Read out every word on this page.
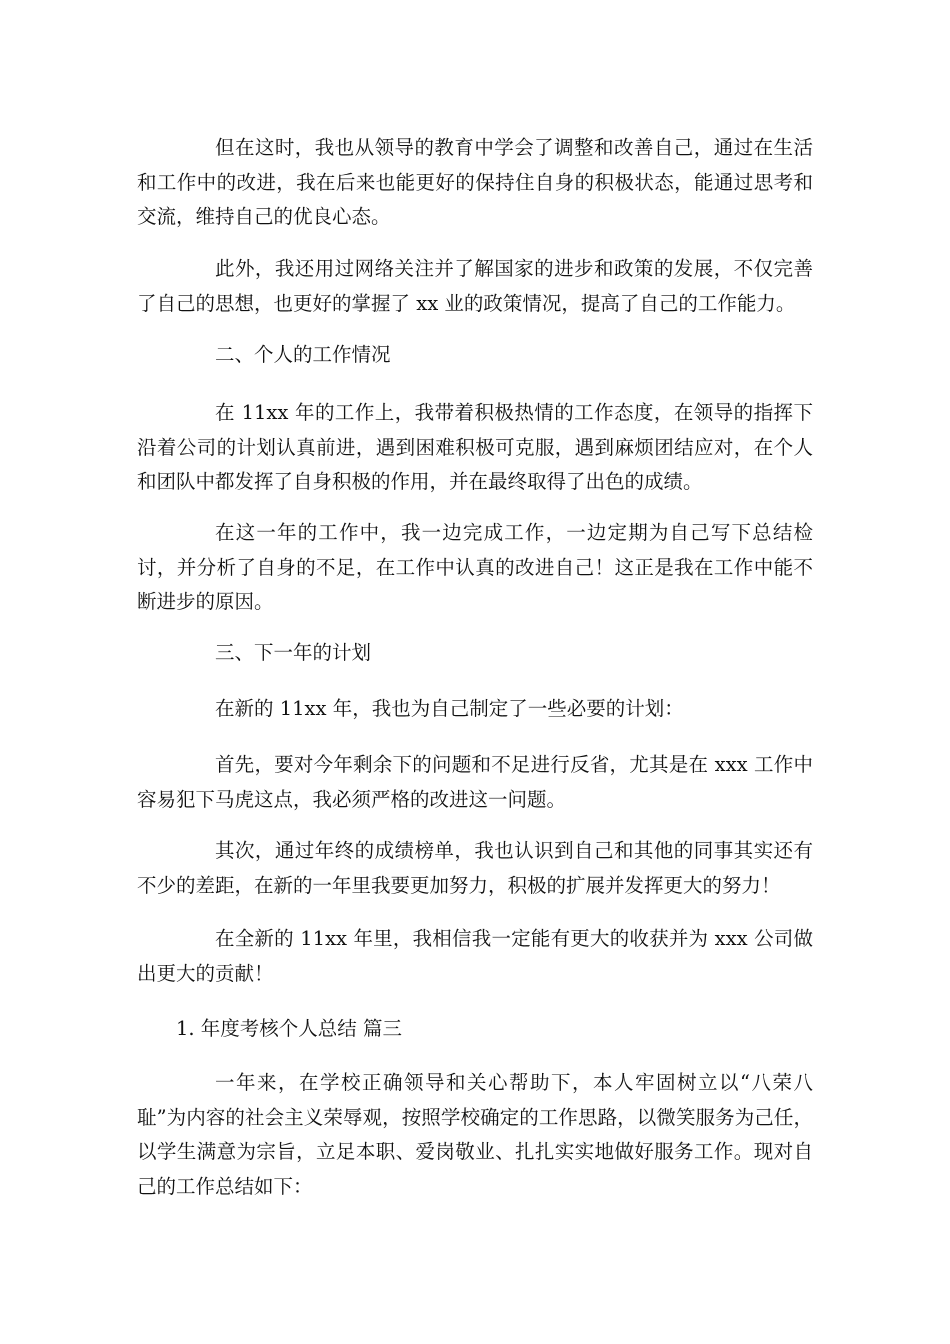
但在这时，我也从领导的教育中学会了调整和改善自己，通过在生活和工作中的改进，我在后来也能更好的保持住自身的积极状态，能通过思考和交流，维持自己的优良心态。
此外，我还用过网络关注并了解国家的进步和政策的发展，不仅完善了自己的思想，也更好的掌握了 xx 业的政策情况，提高了自己的工作能力。
二、个人的工作情况
在 11xx 年的工作上，我带着积极热情的工作态度，在领导的指挥下沿着公司的计划认真前进，遇到困难积极可克服，遇到麻烦团结应对，在个人和团队中都发挥了自身积极的作用，并在最终取得了出色的成绩。
在这一年的工作中，我一边完成工作，一边定期为自己写下总结检讨，并分析了自身的不足，在工作中认真的改进自己！这正是我在工作中能不断进步的原因。
三、下一年的计划
在新的 11xx 年，我也为自己制定了一些必要的计划：
首先，要对今年剩余下的问题和不足进行反省，尤其是在 xxx 工作中容易犯下马虎这点，我必须严格的改进这一问题。
其次，通过年终的成绩榜单，我也认识到自己和其他的同事其实还有不少的差距，在新的一年里我要更加努力，积极的扩展并发挥更大的努力！
在全新的 11xx 年里，我相信我一定能有更大的收获并为 xxx 公司做出更大的贡献！
1. 年度考核个人总结 篇三
一年来，在学校正确领导和关心帮助下，本人牢固树立以“八荣八耻”为内容的社会主义荣辱观，按照学校确定的工作思路，以微笑服务为己任，以学生满意为宗旨，立足本职、爱岗敬业、扎扎实实地做好服务工作。现对自己的工作总结如下：
